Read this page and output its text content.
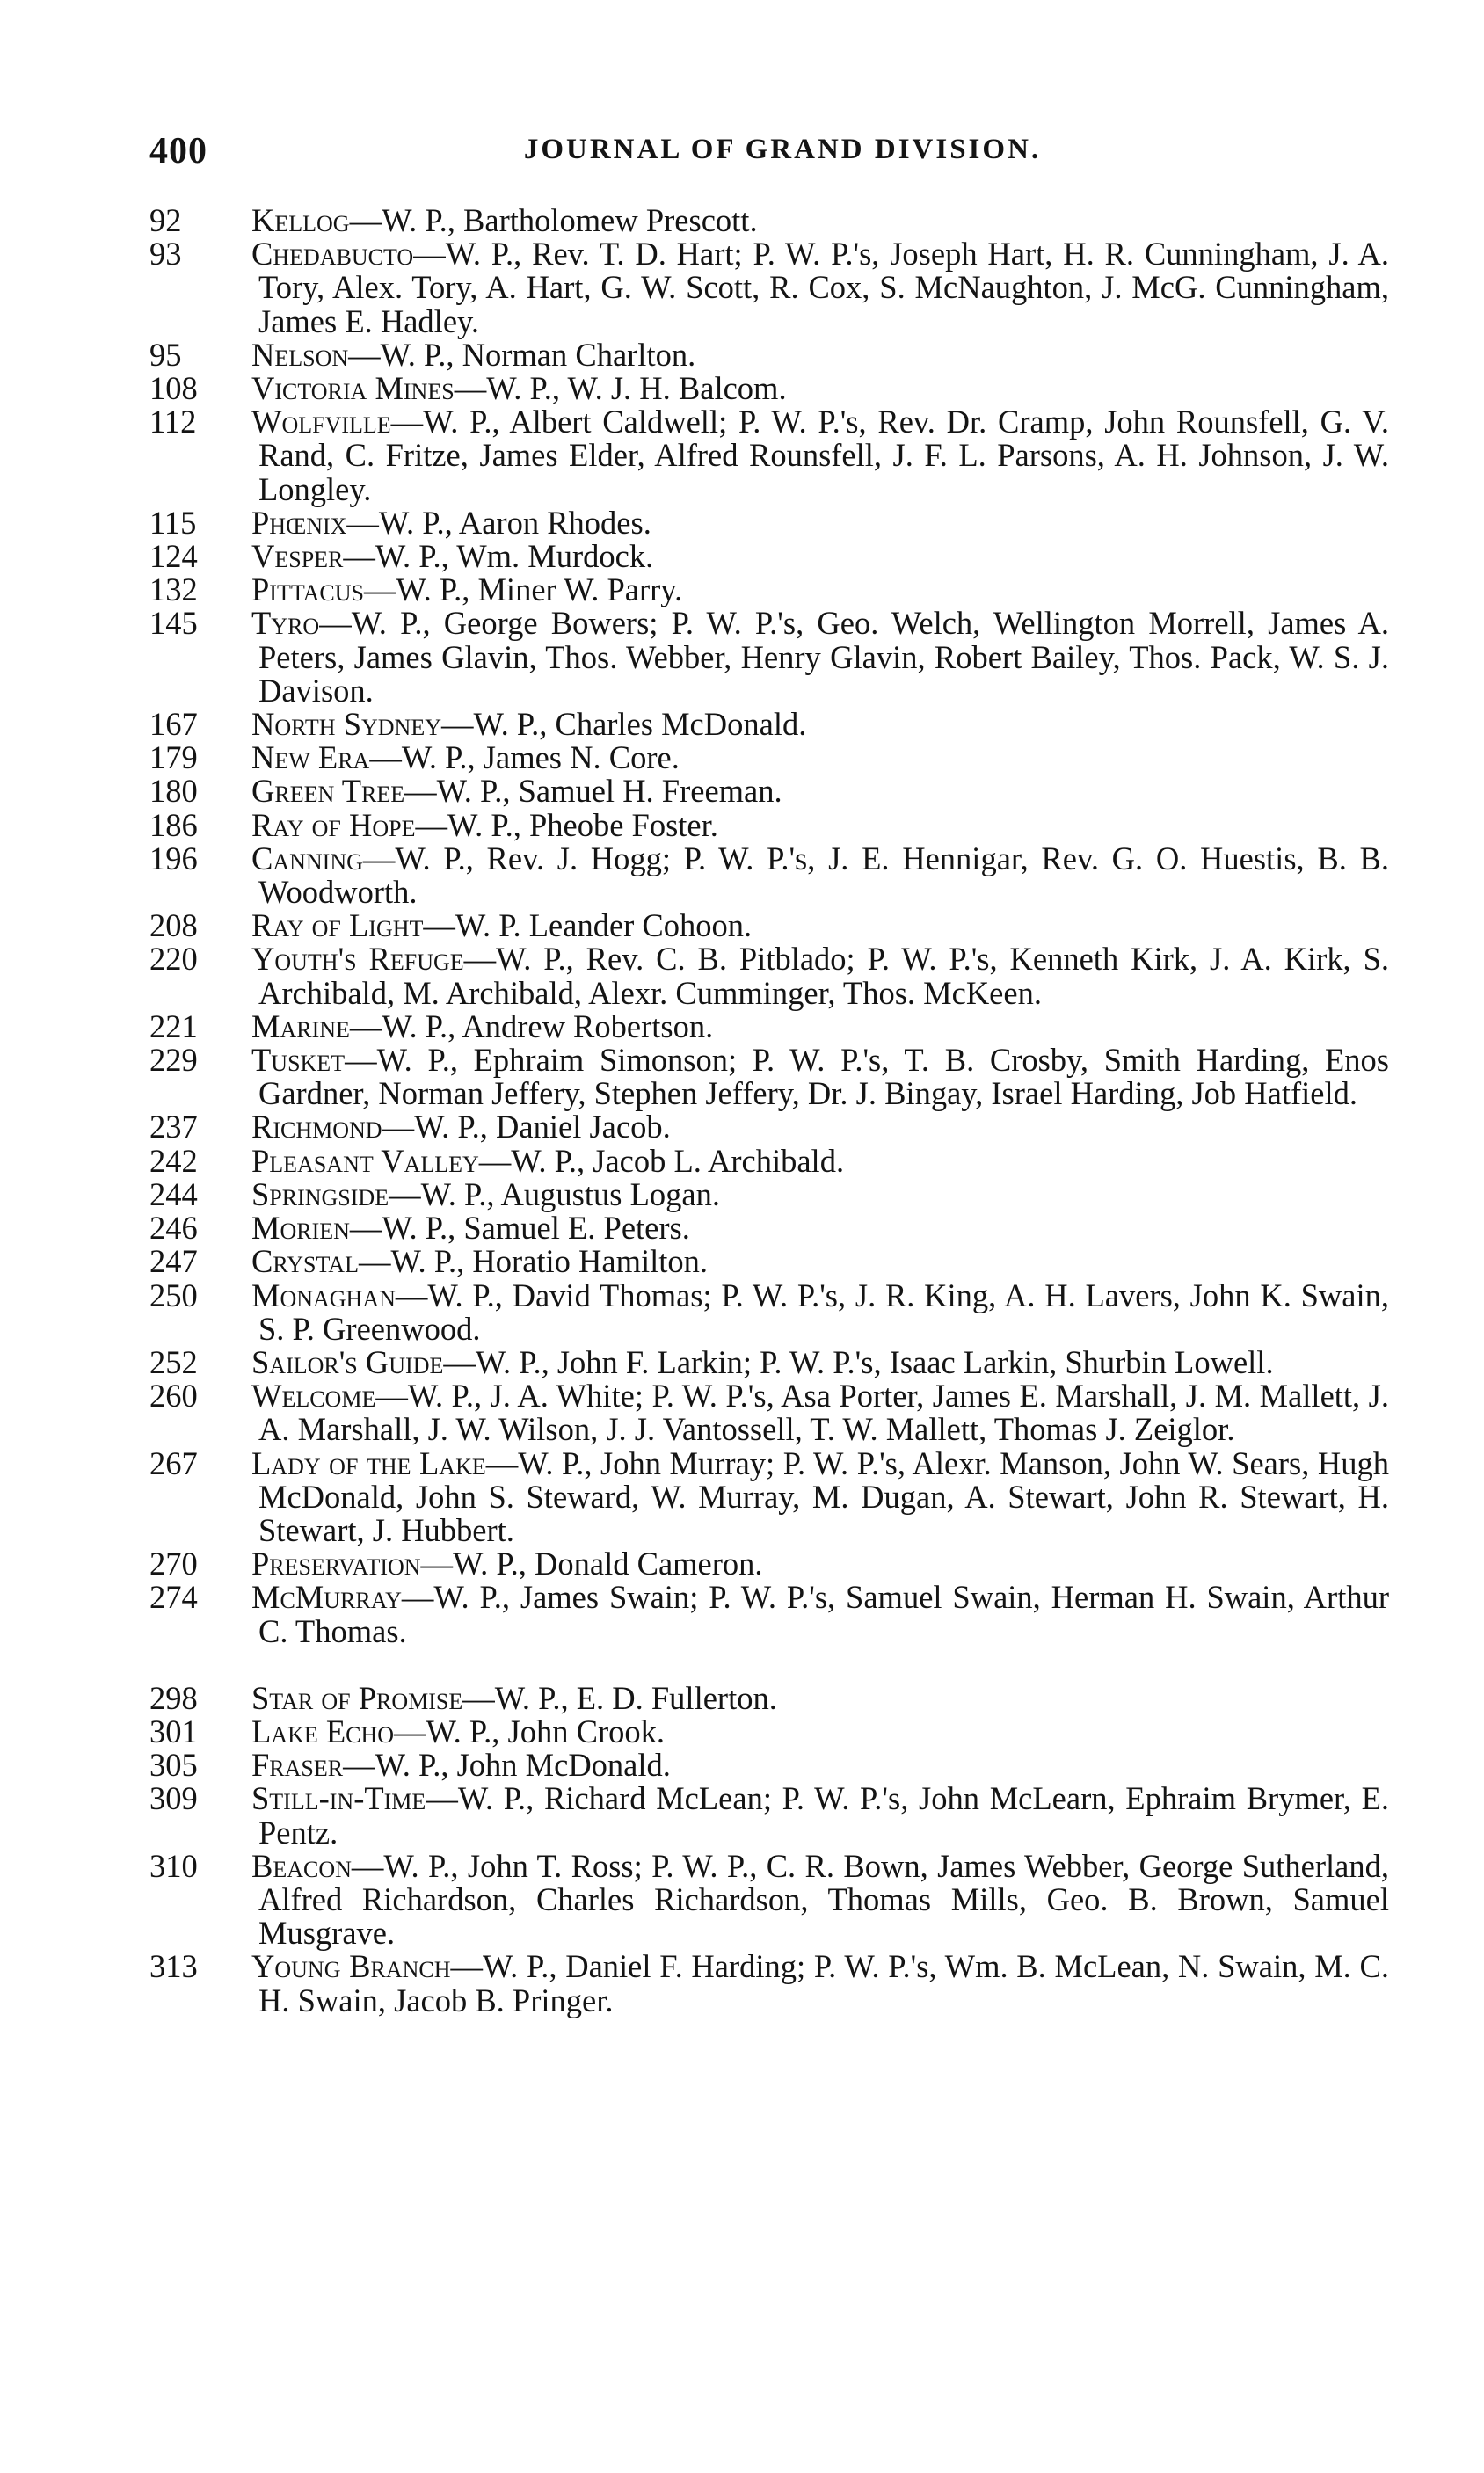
400	JOURNAL OF GRAND DIVISION.
92 Kellog—W. P., Bartholomew Prescott.
93 Chedabucto—W. P., Rev. T. D. Hart; P. W. P.'s, Joseph Hart, H. R. Cunningham, J. A. Tory, Alex. Tory, A. Hart, G. W. Scott, R. Cox, S. McNaughton, J. McG. Cunningham, James E. Hadley.
95 Nelson—W. P., Norman Charlton.
108 Victoria Mines—W. P., W. J. H. Balcom.
112 Wolfville—W. P., Albert Caldwell; P. W. P.'s, Rev. Dr. Cramp, John Rounsfell, G. V. Rand, C. Fritze, James Elder, Alfred Rounsfell, J. F. L. Parsons, A. H. Johnson, J. W. Longley.
115 Phœnix—W. P., Aaron Rhodes.
124 Vesper—W. P., Wm. Murdock.
132 Pittacus—W. P., Miner W. Parry.
145 Tyro—W. P., George Bowers; P. W. P.'s, Geo. Welch, Wellington Morrell, James A. Peters, James Glavin, Thos. Webber, Henry Glavin, Robert Bailey, Thos. Pack, W. S. J. Davison.
167 North Sydney—W. P., Charles McDonald.
179 New Era—W. P., James N. Core.
180 Green Tree—W. P., Samuel H. Freeman.
186 Ray of Hope—W. P., Pheobe Foster.
196 Canning—W. P., Rev. J. Hogg; P. W. P.'s, J. E. Hennigar, Rev. G. O. Huestis, B. B. Woodworth.
208 Ray of Light—W. P. Leander Cohoon.
220 Youth's Refuge—W. P., Rev. C. B. Pitblado; P. W. P.'s, Kenneth Kirk, J. A. Kirk, S. Archibald, M. Archibald, Alexr. Cumminger, Thos. McKeen.
221 Marine—W. P., Andrew Robertson.
229 Tusket—W. P., Ephraim Simonson; P. W. P.'s, T. B. Crosby, Smith Harding, Enos Gardner, Norman Jeffery, Stephen Jeffery, Dr. J. Bingay, Israel Harding, Job Hatfield.
237 Richmond—W. P., Daniel Jacob.
242 Pleasant Valley—W. P., Jacob L. Archibald.
244 Springside—W. P., Augustus Logan.
246 Morien—W. P., Samuel E. Peters.
247 Crystal—W. P., Horatio Hamilton.
250 Monaghan—W. P., David Thomas; P. W. P.'s, J. R. King, A. H. Lavers, John K. Swain, S. P. Greenwood.
252 Sailor's Guide—W. P., John F. Larkin; P. W. P.'s, Isaac Larkin, Shurbin Lowell.
260 Welcome—W. P., J. A. White; P. W. P.'s, Asa Porter, James E. Marshall, J. M. Mallett, J. A. Marshall, J. W. Wilson, J. J. Vantossell, T. W. Mallett, Thomas J. Zeiglor.
267 Lady of the Lake—W. P., John Murray; P. W. P.'s, Alexr. Manson, John W. Sears, Hugh McDonald, John S. Steward, W. Murray, M. Dugan, A. Stewart, John R. Stewart, H. Stewart, J. Hubbert.
270 Preservation—W. P., Donald Cameron.
274 McMurray—W. P., James Swain; P. W. P.'s, Samuel Swain, Herman H. Swain, Arthur C. Thomas.
298 Star of Promise—W. P., E. D. Fullerton.
301 Lake Echo—W. P., John Crook.
305 Fraser—W. P., John McDonald.
309 Still-in-Time—W. P., Richard McLean; P. W. P.'s, John McLearn, Ephraim Brymer, E. Pentz.
310 Beacon—W. P., John T. Ross; P. W. P., C. R. Bown, James Webber, George Sutherland, Alfred Richardson, Charles Richardson, Thomas Mills, Geo. B. Brown, Samuel Musgrave.
313 Young Branch—W. P., Daniel F. Harding; P. W. P.'s, Wm. B. McLean, N. Swain, M. C. H. Swain, Jacob B. Pringer.
